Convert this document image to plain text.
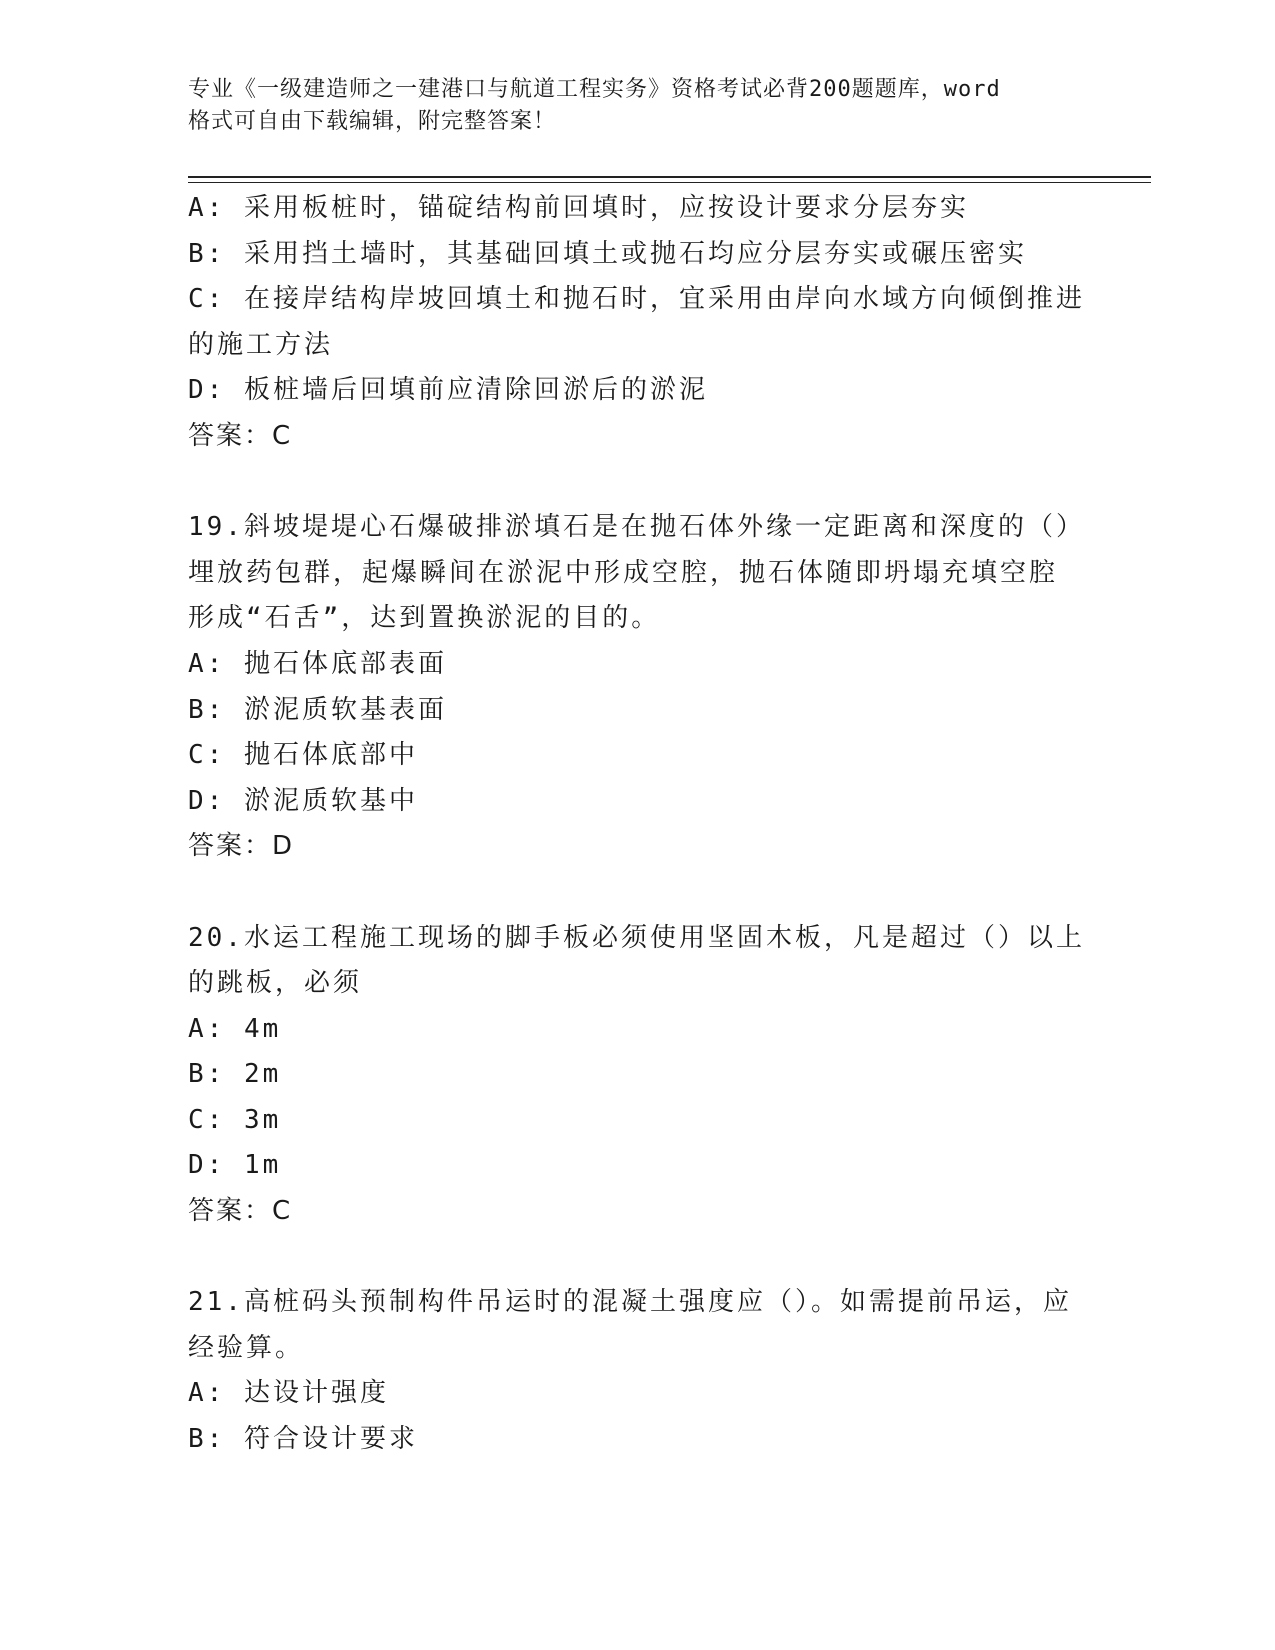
专业《一级建造师之一建港口与航道工程实务》资格考试必背200题题库，word
格式可自由下载编辑，附完整答案！
A: 采用板桩时，锚碇结构前回填时，应按设计要求分层夯实
B: 采用挡土墙时，其基础回填土或抛石均应分层夯实或碾压密实
C: 在接岸结构岸坡回填土和抛石时，宜采用由岸向水域方向倾倒推进
的施工方法
D: 板桩墙后回填前应清除回淤后的淤泥
答案：C
19.斜坡堤堤心石爆破排淤填石是在抛石体外缘一定距离和深度的（）
埋放药包群，起爆瞬间在淤泥中形成空腔，抛石体随即坍塌充填空腔
形成“石舌”，达到置换淤泥的目的。
A: 抛石体底部表面
B: 淤泥质软基表面
C: 抛石体底部中
D: 淤泥质软基中
答案：D
20.水运工程施工现场的脚手板必须使用坚固木板，凡是超过（）以上
的跳板，必须
A: 4m
B: 2m
C: 3m
D: 1m
答案：C
21.高桩码头预制构件吊运时的混凝土强度应（）。如需提前吊运，应
经验算。
A: 达设计强度
B: 符合设计要求
